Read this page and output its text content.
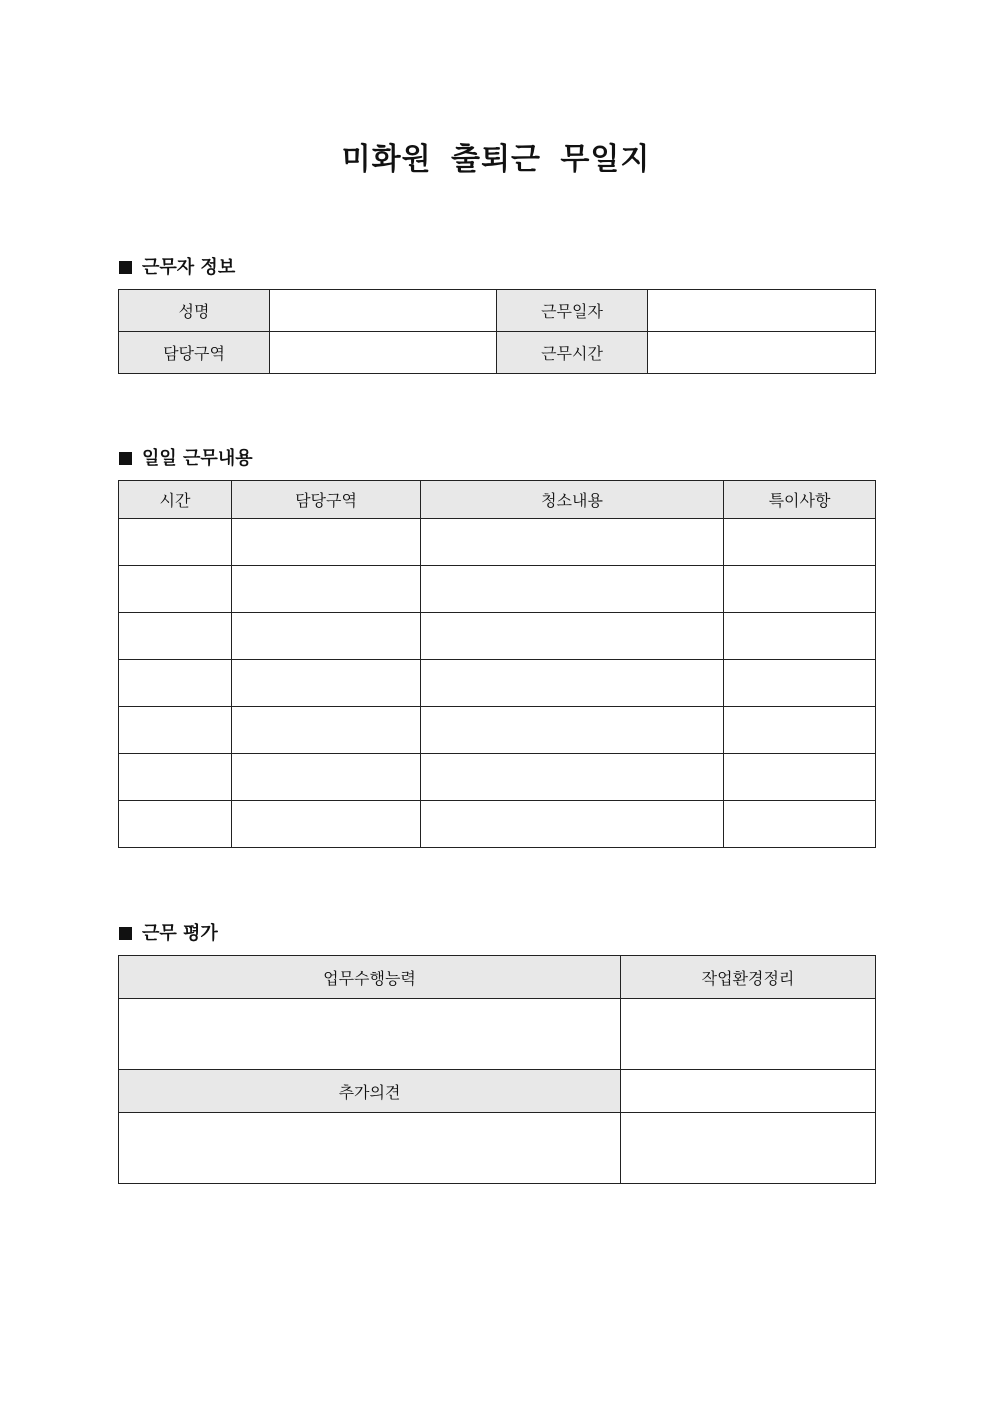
미화원 출퇴근 무일지
근무자 정보
성명		근무일자	
담당구역		근무시간	
일일 근무내용
시간	담당구역	청소내용	특이사항

근무 평가
업무수행능력	작업환경정리

추가의견	
